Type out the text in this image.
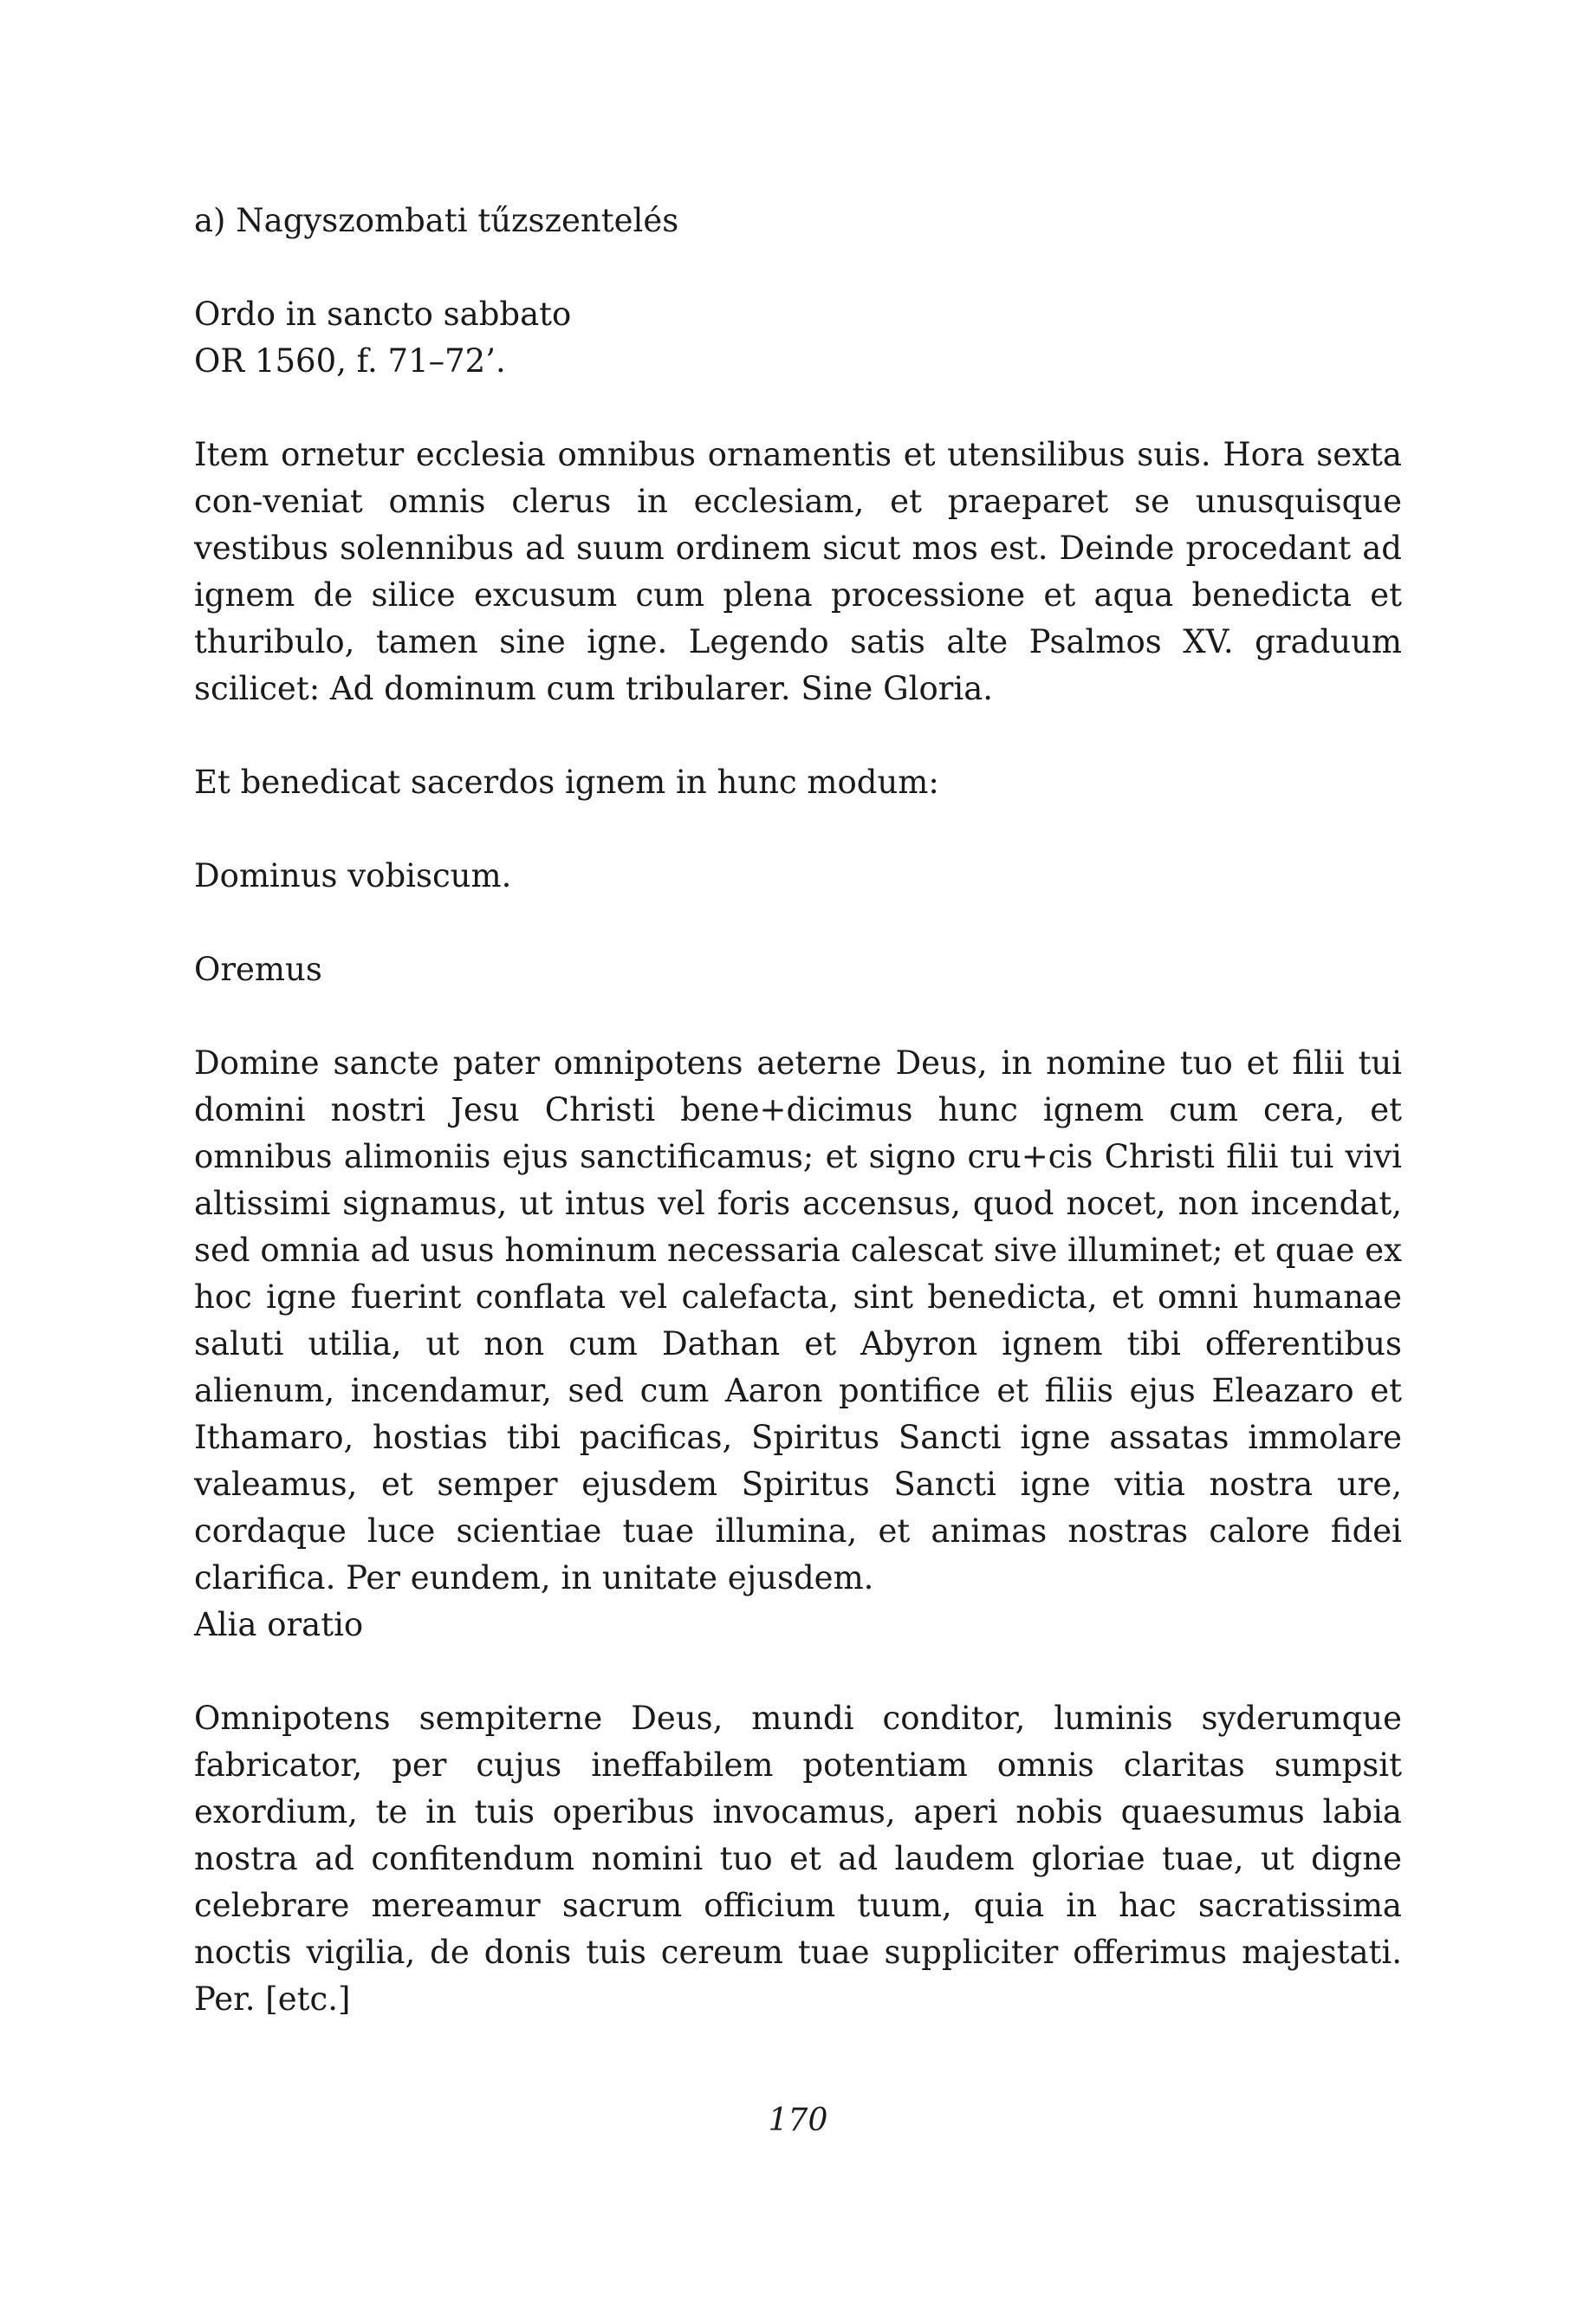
a) Nagyszombati tűzszentelés

Ordo in sancto sabbato

OR 1560, f. 71–72’.

Item ornetur ecclesia omnibus ornamentis et utensilibus suis. Hora sexta con-veniat omnis clerus in ecclesiam, et praeparet se unusquisque vestibus solennibus ad suum ordinem sicut mos est. Deinde procedant ad ignem de silice excusum cum plena processione et aqua benedicta et thuribulo, tamen sine igne. Legendo satis alte Psalmos XV. graduum scilicet: Ad dominum cum tribularer. Sine Gloria.

Et benedicat sacerdos ignem in hunc modum:

Dominus vobiscum.

Oremus

Domine sancte pater omnipotens aeterne Deus, in nomine tuo et filii tui domini nostri Jesu Christi bene+dicimus hunc ignem cum cera, et omnibus alimoniis ejus sanctificamus; et signo cru+cis Christi filii tui vivi altissimi signamus, ut intus vel foris accensus, quod nocet, non incendat, sed omnia ad usus hominum necessaria calescat sive illuminet; et quae ex hoc igne fuerint conflata vel calefacta, sint benedicta, et omni humanae saluti utilia, ut non cum Dathan et Abyron ignem tibi offerentibus alienum, incendamur, sed cum Aaron pontifice et filiis ejus Eleazaro et Ithamaro, hostias tibi pacificas, Spiritus Sancti igne assatas immolare valeamus, et semper ejusdem Spiritus Sancti igne vitia nostra ure, cordaque luce scientiae tuae illumina, et animas nostras calore fidei clarifica. Per eundem, in unitate ejusdem.

Alia oratio

Omnipotens sempiterne Deus, mundi conditor, luminis syderumque fabricator, per cujus ineffabilem potentiam omnis claritas sumpsit exordium, te in tuis operibus invocamus, aperi nobis quaesumus labia nostra ad confitendum nomini tuo et ad laudem gloriae tuae, ut digne celebrare mereamur sacrum officium tuum, quia in hac sacratissima noctis vigilia, de donis tuis cereum tuae suppliciter offerimus majestati. Per. [etc.]

170
